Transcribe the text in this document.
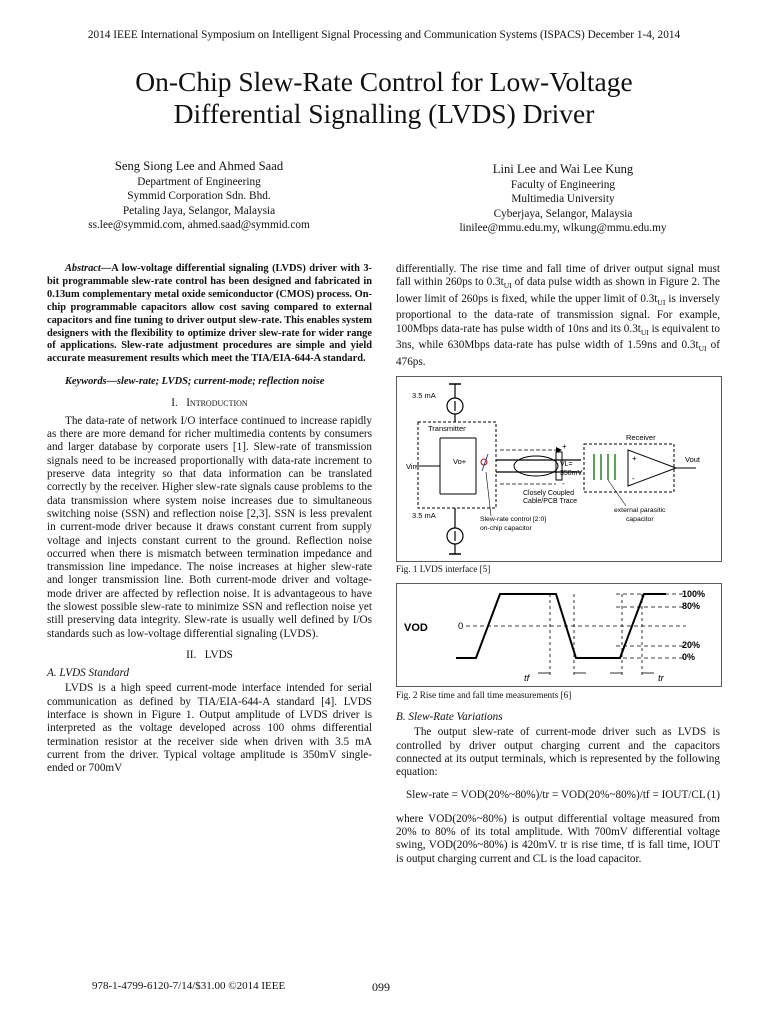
2014 IEEE International Symposium on Intelligent Signal Processing and Communication Systems (ISPACS) December 1-4, 2014
On-Chip Slew-Rate Control for Low-Voltage
Differential Signalling (LVDS) Driver
Seng Siong Lee and Ahmed Saad
Department of Engineering
Symmid Corporation Sdn. Bhd.
Petaling Jaya, Selangor, Malaysia
ss.lee@symmid.com, ahmed.saad@symmid.com
Lini Lee and Wai Lee Kung
Faculty of Engineering
Multimedia University
Cyberjaya, Selangor, Malaysia
linilee@mmu.edu.my, wlkung@mmu.edu.my

Abstract—A low-voltage differential signaling (LVDS) driver with 3-bit programmable slew-rate control has been designed and fabricated in 0.13um complementary metal oxide semiconductor (CMOS) process. On-chip programmable capacitors allow cost saving compared to external capacitors and fine tuning to driver output slew-rate. This enables system designers with the flexibility to optimize driver slew-rate for wider range of applications. Slew-rate adjustment procedures are simple and yield accurate measurement results which meet the TIA/EIA-644-A standard.

Keywords—slew-rate; LVDS; current-mode; reflection noise

I. Introduction

The data-rate of network I/O interface continued to increase rapidly as there are more demand for richer multimedia contents by consumers and larger database by corporate users [1]. Slew-rate of transmission signals need to be increased proportionally with data-rate increment to preserve data integrity so that data information can be translated correctly by the receiver. Higher slew-rate signals cause problems to the data transmission where system noise increases due to simultaneous switching noise (SSN) and reflection noise [2,3]. SSN is less prevalent in current-mode driver because it draws constant current from supply voltage and injects constant current to the ground. Reflection noise occurred when there is mismatch between termination impedance and transmission line impedance. The noise increases at higher slew-rate and longer transmission line. Both current-mode driver and voltage-mode driver are affected by reflection noise. It is advantageous to have the slowest possible slew-rate to minimize SSN and reflection noise yet still preserving data integrity. Slew-rate is usually well defined by I/Os standards such as low-voltage differential signaling (LVDS).

II. LVDS

A. LVDS Standard

LVDS is a high speed current-mode interface intended for serial communication as defined by TIA/EIA-644-A standard [4]. LVDS interface is shown in Figure 1. Output amplitude of LVDS driver is interpreted as the voltage developed across 100 ohms differential termination resistor at the receiver side when driven with 3.5 mA current from the driver. Typical voltage amplitude is 350mV single-ended or 700mV

differentially. The rise time and fall time of driver output signal must fall within 260ps to $0.3t_{UI}$ of data pulse width as shown in Figure 2. The lower limit of 260ps is fixed, while the upper limit of $0.3t_{UI}$ is inversely proportional to the data-rate of transmission signal. For example, 100Mbps data-rate has pulse width of 10ns and its $0.3t_{UI}$ is equivalent to 3ns, while 630Mbps data-rate has pulse width of 1.59ns and $0.3t_{UI}$ of 476ps.

3.5 mA
Transmitter
Vin
Vo+
3.5 mA
Closely Coupled
Cable/PCB Trace
VL=
350mV
+
-
Receiver
+
-
Vout
Slew-rate control [2:0]
on-chip capacitor
external parasitic
capacitor
Fig. 1 LVDS interface [5]
VOD	0
100%
80%
20%
0%
tf	tr
Fig. 2 Rise time and fall time measurements [6]

B. Slew-Rate Variations

The output slew-rate of current-mode driver such as LVDS is controlled by driver output charging current and the capacitors connected at its output terminals, which is represented by the following equation:

Slew-rate = VOD(20%~80%)/tr = VOD(20%~80%)/tf = IOUT/CL (1)

where VOD(20%~80%) is output differential voltage measured from 20% to 80% of its total amplitude. With 700mV differential voltage swing, VOD(20%~80%) is 420mV. tr is rise time, tf is fall time, IOUT is output charging current and CL is the load capacitor.

978-1-4799-6120-7/14/$31.00 ©2014 IEEE	099
